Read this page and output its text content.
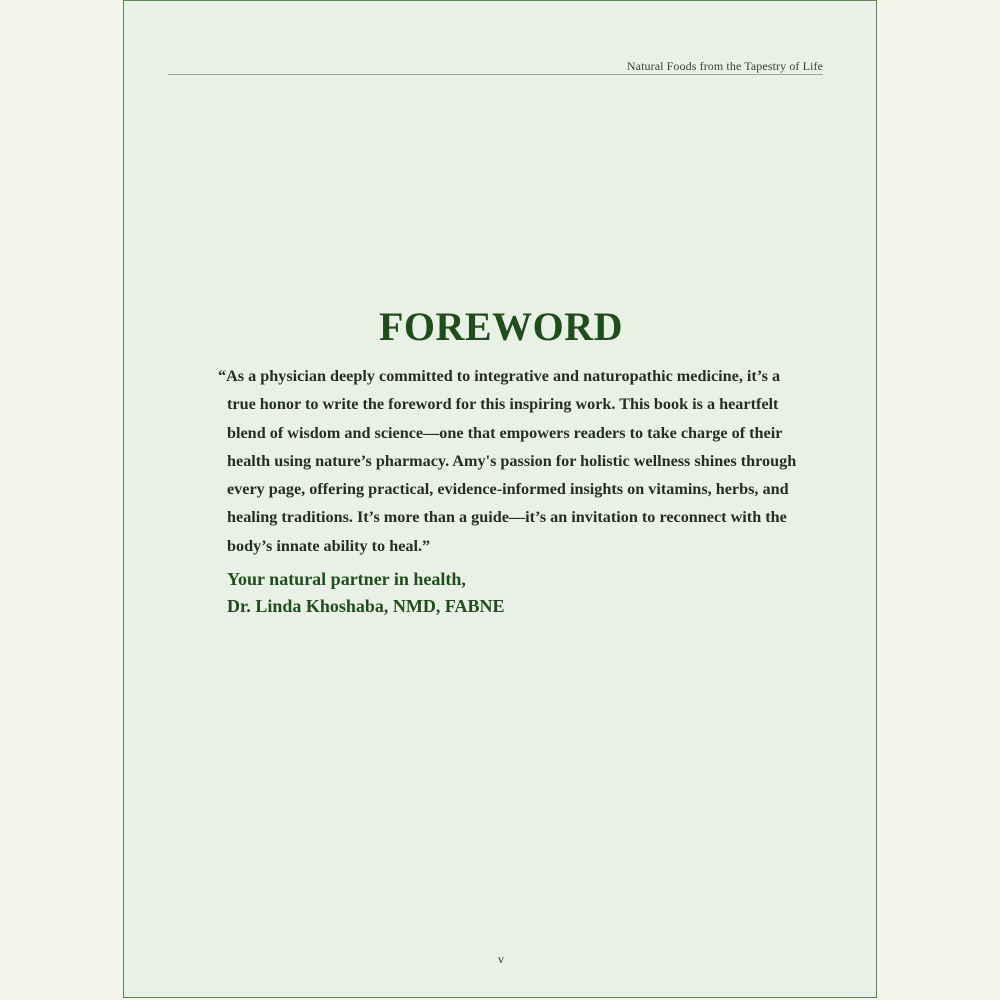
Natural Foods from the Tapestry of Life
FOREWORD
“As a physician deeply committed to integrative and naturopathic medicine, it’s a
true honor to write the foreword for this inspiring work. This book is a heartfelt
blend of wisdom and science—one that empowers readers to take charge of their
health using nature’s pharmacy. Amy's passion for holistic wellness shines through
every page, offering practical, evidence-informed insights on vitamins, herbs, and
healing traditions. It’s more than a guide—it’s an invitation to reconnect with the
body’s innate ability to heal.”
Your natural partner in health,
Dr. Linda Khoshaba, NMD, FABNE
v
